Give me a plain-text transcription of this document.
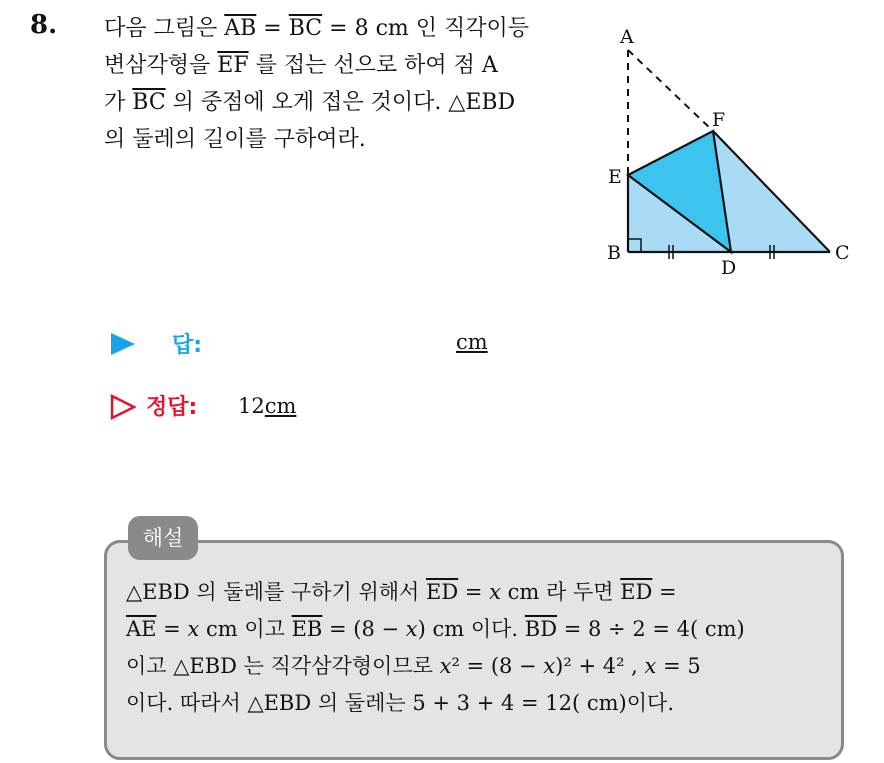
8. 다음 그림은 $\overline{AB} = \overline{BC} = 8$ cm 인 직각이등
변삼각형을 $\overline{EF}$ 를 접는 선으로 하여 점 A
가 $\overline{BC}$ 의 중점에 오게 접은 것이다. △EBD
의 둘레의 길이를 구하여라.
A
F
E
B
D
C
답:	cm
정답: 12cm
해설
△EBD 의 둘레를 구하기 위해서 $\overline{ED} = x$ cm 라 두면 $\overline{ED}$ =
$\overline{AE} = x$ cm 이고 $\overline{EB} = (8 - x)$ cm 이다. $\overline{BD} = 8 \div 2 = 4$( cm)
이고 △EBD 는 직각삼각형이므로 x² = (8 − x)² + 4² , x = 5
이다. 따라서 △EBD 의 둘레는 5 + 3 + 4 = 12( cm)이다.
